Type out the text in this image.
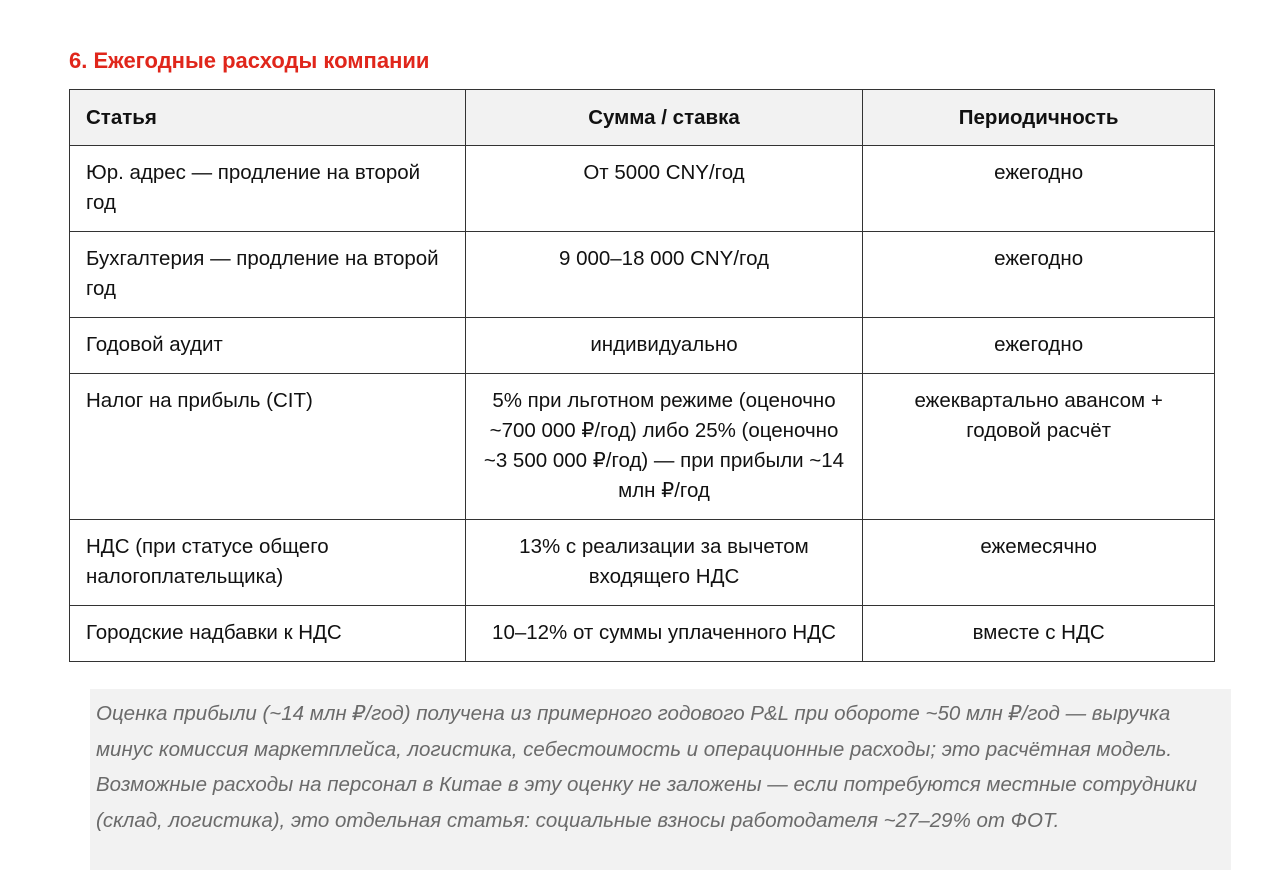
6. Ежегодные расходы компании
Статья	Сумма / ставка	Периодичность
Юр. адрес — продление на второй год	От 5000 CNY/год	ежегодно
Бухгалтерия — продление на второй год	9 000–18 000 CNY/год	ежегодно
Годовой аудит	индивидуально	ежегодно
Налог на прибыль (CIT)	5% при льготном режиме (оценочно ~700 000 ₽/год) либо 25% (оценочно ~3 500 000 ₽/год) — при прибыли ~14 млн ₽/год	ежеквартально авансом + годовой расчёт
НДС (при статусе общего налогоплательщика)	13% с реализации за вычетом входящего НДС	ежемесячно
Городские надбавки к НДС	10–12% от суммы уплаченного НДС	вместе с НДС
Оценка прибыли (~14 млн ₽/год) получена из примерного годового P&L при обороте ~50 млн ₽/год — выручка минус комиссия маркетплейса, логистика, себестоимость и операционные расходы; это расчётная модель. Возможные расходы на персонал в Китае в эту оценку не заложены — если потребуются местные сотрудники (склад, логистика), это отдельная статья: социальные взносы работодателя ~27–29% от ФОТ.
